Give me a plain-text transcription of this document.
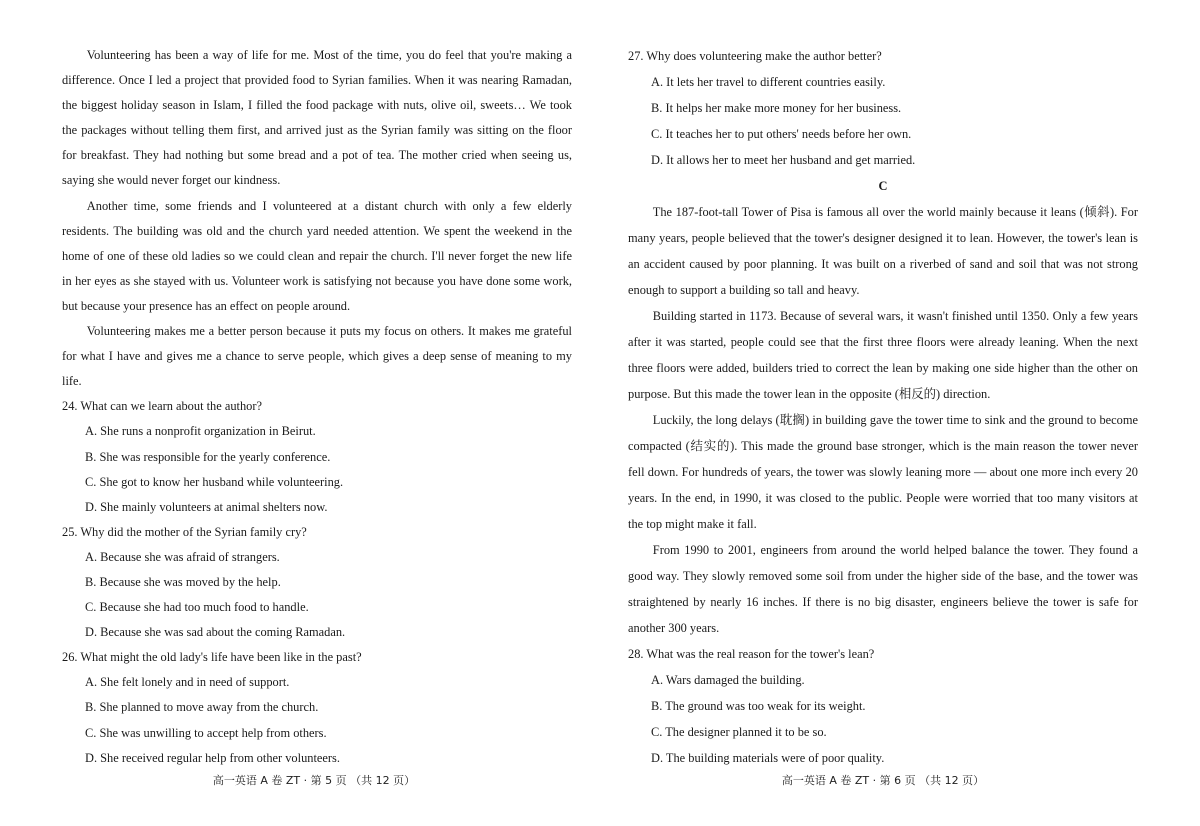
Volunteering has been a way of life for me. Most of the time, you do feel that you're making a difference. Once I led a project that provided food to Syrian families. When it was nearing Ramadan, the biggest holiday season in Islam, I filled the food package with nuts, olive oil, sweets… We took the packages without telling them first, and arrived just as the Syrian family was sitting on the floor for breakfast. They had nothing but some bread and a pot of tea. The mother cried when seeing us, saying she would never forget our kindness.

Another time, some friends and I volunteered at a distant church with only a few elderly residents. The building was old and the church yard needed attention. We spent the weekend in the home of one of these old ladies so we could clean and repair the church. I'll never forget the new life in her eyes as she stayed with us. Volunteer work is satisfying not because you have done some work, but because your presence has an effect on people around.

Volunteering makes me a better person because it puts my focus on others. It makes me grateful for what I have and gives me a chance to serve people, which gives a deep sense of meaning to my life.

24. What can we learn about the author?

A. She runs a nonprofit organization in Beirut.

B. She was responsible for the yearly conference.

C. She got to know her husband while volunteering.

D. She mainly volunteers at animal shelters now.

25. Why did the mother of the Syrian family cry?

A. Because she was afraid of strangers.

B. Because she was moved by the help.

C. Because she had too much food to handle.

D. Because she was sad about the coming Ramadan.

26. What might the old lady's life have been like in the past?

A. She felt lonely and in need of support.

B. She planned to move away from the church.

C. She was unwilling to accept help from others.

D. She received regular help from other volunteers.

高一英语 A 卷 ZT · 第 5 页 （共 12 页）

27. Why does volunteering make the author better?

A. It lets her travel to different countries easily.

B. It helps her make more money for her business.

C. It teaches her to put others' needs before her own.

D. It allows her to meet her husband and get married.

C

The 187-foot-tall Tower of Pisa is famous all over the world mainly because it leans (倾斜). For many years, people believed that the tower's designer designed it to lean. However, the tower's lean is an accident caused by poor planning. It was built on a riverbed of sand and soil that was not strong enough to support a building so tall and heavy.

Building started in 1173. Because of several wars, it wasn't finished until 1350. Only a few years after it was started, people could see that the first three floors were already leaning. When the next three floors were added, builders tried to correct the lean by making one side higher than the other on purpose. But this made the tower lean in the opposite (相反的) direction.

Luckily, the long delays (耽搁) in building gave the tower time to sink and the ground to become compacted (结实的). This made the ground base stronger, which is the main reason the tower never fell down. For hundreds of years, the tower was slowly leaning more — about one more inch every 20 years. In the end, in 1990, it was closed to the public. People were worried that too many visitors at the top might make it fall.

From 1990 to 2001, engineers from around the world helped balance the tower. They found a good way. They slowly removed some soil from under the higher side of the base, and the tower was straightened by nearly 16 inches. If there is no big disaster, engineers believe the tower is safe for another 300 years.

28. What was the real reason for the tower's lean?

A. Wars damaged the building.

B. The ground was too weak for its weight.

C. The designer planned it to be so.

D. The building materials were of poor quality.

高一英语 A 卷 ZT · 第 6 页 （共 12 页）
